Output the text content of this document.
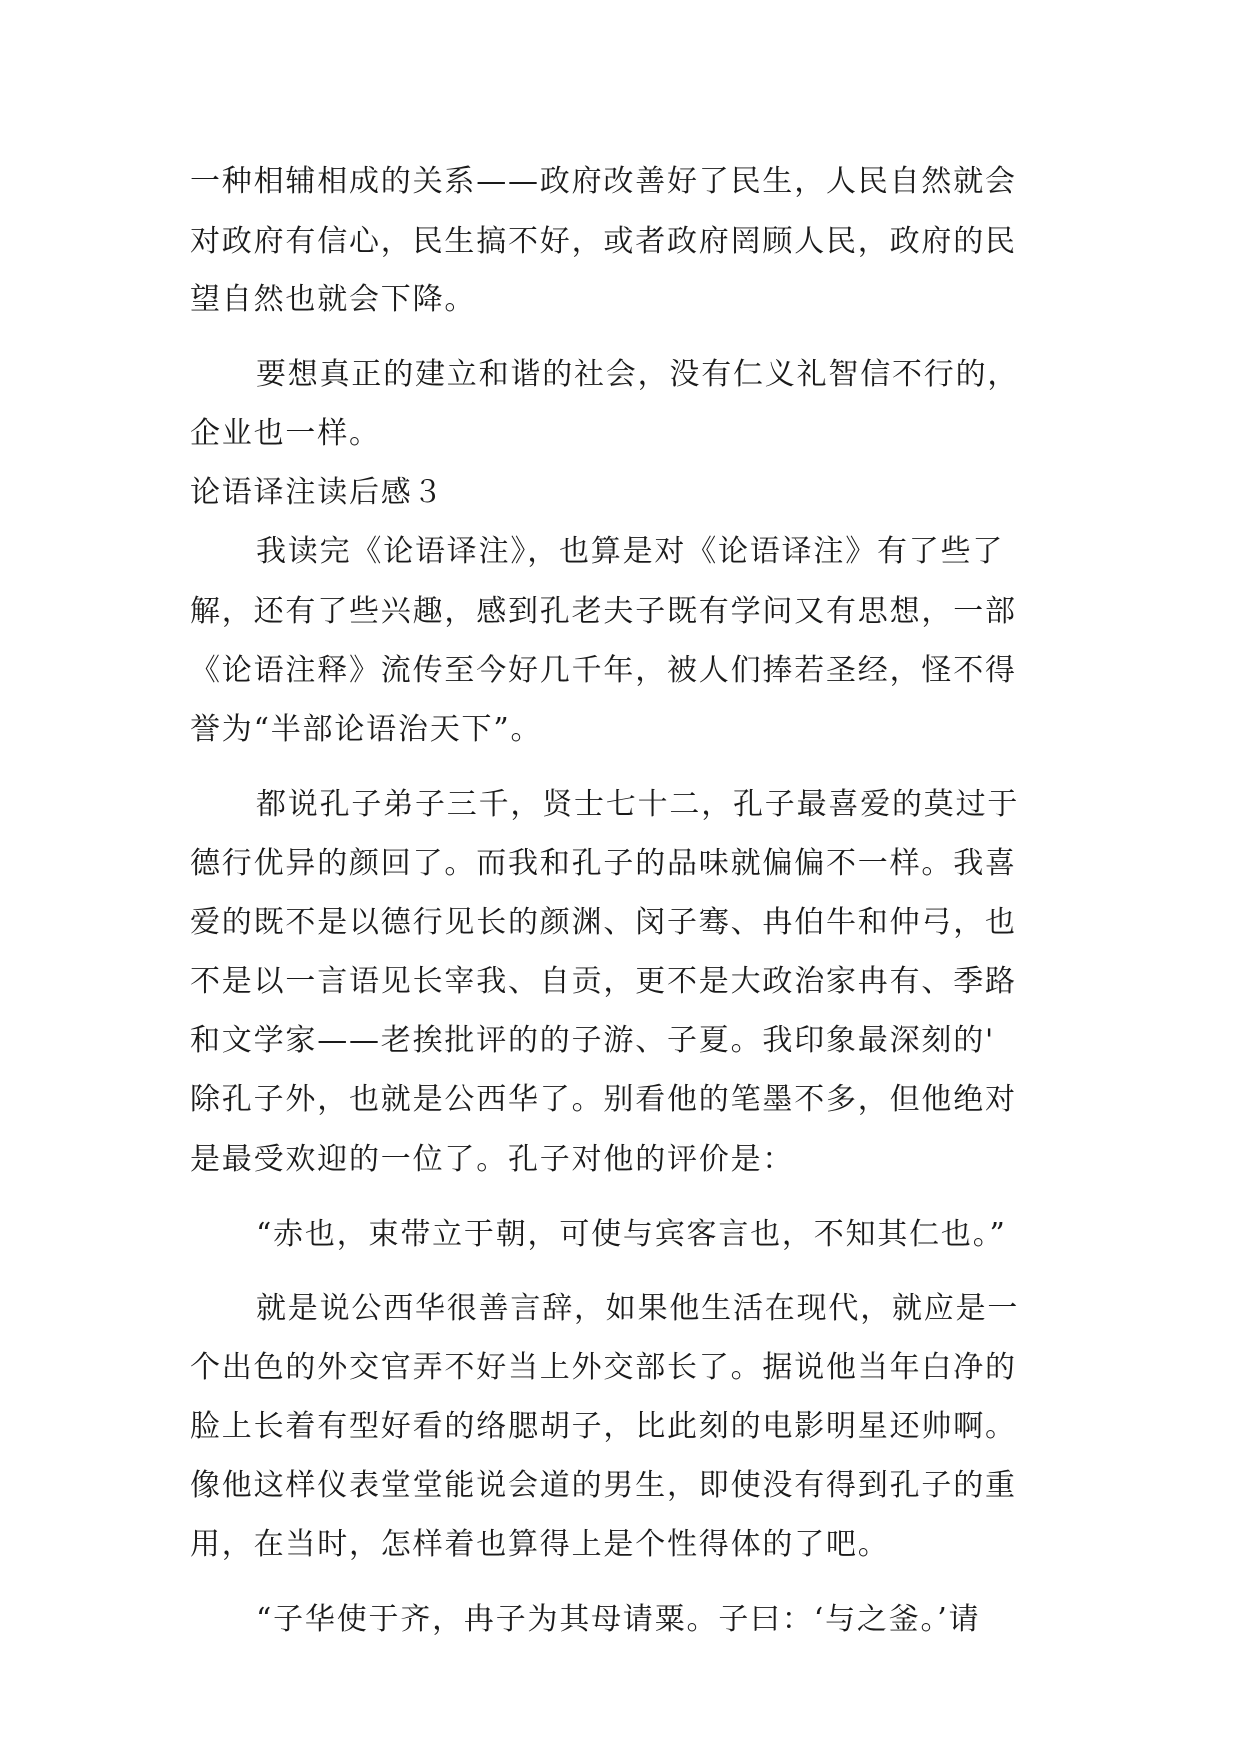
一种相辅相成的关系——政府改善好了民生，人民自然就会
对政府有信心，民生搞不好，或者政府罔顾人民，政府的民
望自然也就会下降。
要想真正的建立和谐的社会，没有仁义礼智信不行的，
企业也一样。
论语译注读后感３
我读完《论语译注》，也算是对《论语译注》有了些了
解，还有了些兴趣，感到孔老夫子既有学问又有思想，一部
《论语注释》流传至今好几千年，被人们捧若圣经，怪不得
誉为“半部论语治天下”。
都说孔子弟子三千，贤士七十二，孔子最喜爱的莫过于
德行优异的颜回了。而我和孔子的品味就偏偏不一样。我喜
爱的既不是以德行见长的颜渊、闵子骞、冉伯牛和仲弓，也
不是以一言语见长宰我、自贡，更不是大政治家冉有、季路
和文学家——老挨批评的的子游、子夏。我印象最深刻的'
除孔子外，也就是公西华了。别看他的笔墨不多，但他绝对
是最受欢迎的一位了。孔子对他的评价是：
“赤也，束带立于朝，可使与宾客言也，不知其仁也。”
就是说公西华很善言辞，如果他生活在现代，就应是一
个出色的外交官弄不好当上外交部长了。据说他当年白净的
脸上长着有型好看的络腮胡子，比此刻的电影明星还帅啊。
像他这样仪表堂堂能说会道的男生，即使没有得到孔子的重
用，在当时，怎样着也算得上是个性得体的了吧。
“子华使于齐，冉子为其母请粟。子曰：‘与之釜。’请
